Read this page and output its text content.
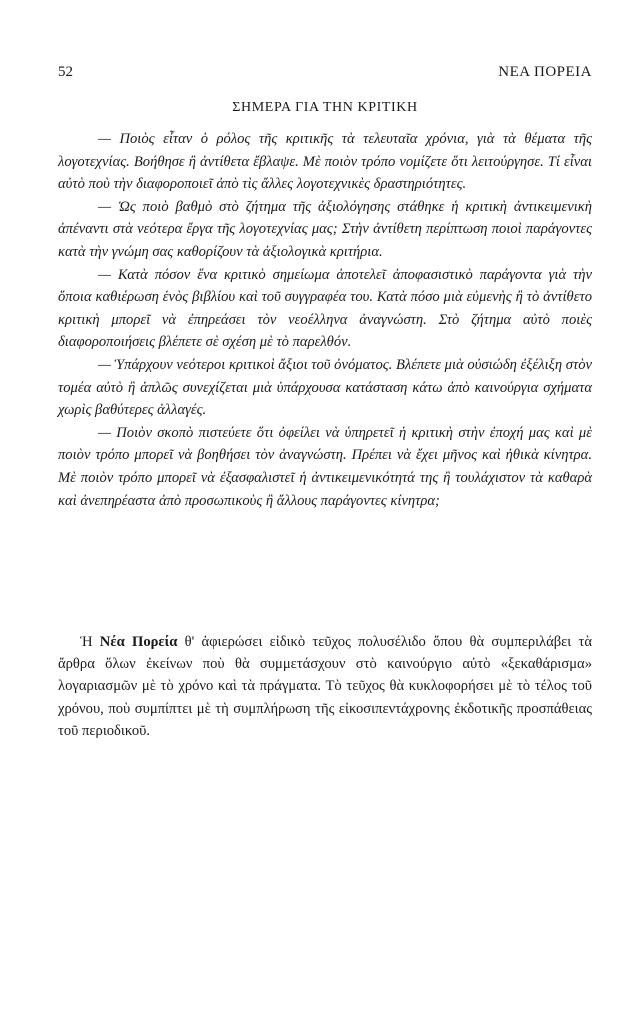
52	ΝΕΑ ΠΟΡΕΙΑ
ΣΗΜΕΡΑ ΓΙΑ ΤΗΝ ΚΡΙΤΙΚΗ

— Ποιὸς εἶταν ὁ ρόλος τῆς κριτικῆς τὰ τελευταῖα χρόνια, γιὰ τὰ θέματα τῆς λογοτεχνίας. Βοήθησε ἢ ἀντίθετα ἔβλαψε. Μὲ ποιὸν τρόπο νομίζετε ὅτι λειτούργησε. Τί εἶναι αὐτὸ ποὺ τὴν διαφοροποιεῖ ἀπὸ τὶς ἄλλες λογοτεχνικὲς δραστηριότητες.

— Ὡς ποιὸ βαθμὸ στὸ ζήτημα τῆς ἀξιολόγησης στάθηκε ἡ κριτικὴ ἀντικειμενικὴ ἀπέναντι στὰ νεότερα ἔργα τῆς λογοτεχνίας μας; Στὴν ἀντίθετη περίπτωση ποιοὶ παράγοντες κατὰ τὴν γνώμη σας καθορίζουν τὰ ἀξιολογικὰ κριτήρια.

— Κατὰ πόσον ἕνα κριτικὸ σημείωμα ἀποτελεῖ ἀποφασιστικὸ παράγοντα γιὰ τὴν ὅποια καθιέρωση ἑνὸς βιβλίου καὶ τοῦ συγγραφέα του. Κατὰ πόσο μιὰ εὐμενὴς ἢ τὸ ἀντίθετο κριτικὴ μπορεῖ νὰ ἐπηρεάσει τὸν νεοέλληνα ἀναγνώστη. Στὸ ζήτημα αὐτὸ ποιὲς διαφοροποιήσεις βλέπετε σὲ σχέση μὲ τὸ παρελθόν.

— Ὑπάρχουν νεότεροι κριτικοὶ ἄξιοι τοῦ ὀνόματος. Βλέπετε μιὰ οὐσιώδη ἐξέλιξη στὸν τομέα αὐτὸ ἢ ἁπλῶς συνεχίζεται μιὰ ὑπάρχουσα κατάσταση κάτω ἀπὸ καινούργια σχήματα χωρὶς βαθύτερες ἀλλαγές.

— Ποιὸν σκοπὸ πιστεύετε ὅτι ὀφείλει νὰ ὑπηρετεῖ ἡ κριτικὴ στὴν ἐποχή μας καὶ μὲ ποιὸν τρόπο μπορεῖ νὰ βοηθήσει τὸν ἀναγνώστη. Πρέπει νὰ ἔχει μῆνος καὶ ἠθικὰ κίνητρα. Μὲ ποιὸν τρόπο μπορεῖ νὰ ἐξασφαλιστεῖ ἡ ἀντικειμενικότητά της ἢ τουλάχιστον τὰ καθαρὰ καὶ ἀνεπηρέαστα ἀπὸ προσωπικοὺς ἢ ἄλλους παράγοντες κίνητρα;

Ἡ Νέα Πορεία θ' ἀφιερώσει εἰδικὸ τεῦχος πολυσέλιδο ὅπου θὰ συμπεριλάβει τὰ ἄρθρα ὅλων ἐκείνων ποὺ θὰ συμμετάσχουν στὸ καινούργιο αὐτὸ «ξεκαθάρισμα» λογαριασμῶν μὲ τὸ χρόνο καὶ τὰ πράγματα. Τὸ τεῦχος θὰ κυκλοφορήσει μὲ τὸ τέλος τοῦ χρόνου, ποὺ συμπίπτει μὲ τὴ συμπλήρωση τῆς εἰκοσιπεντάχρονης ἐκδοτικῆς προσπάθειας τοῦ περιοδικοῦ.
